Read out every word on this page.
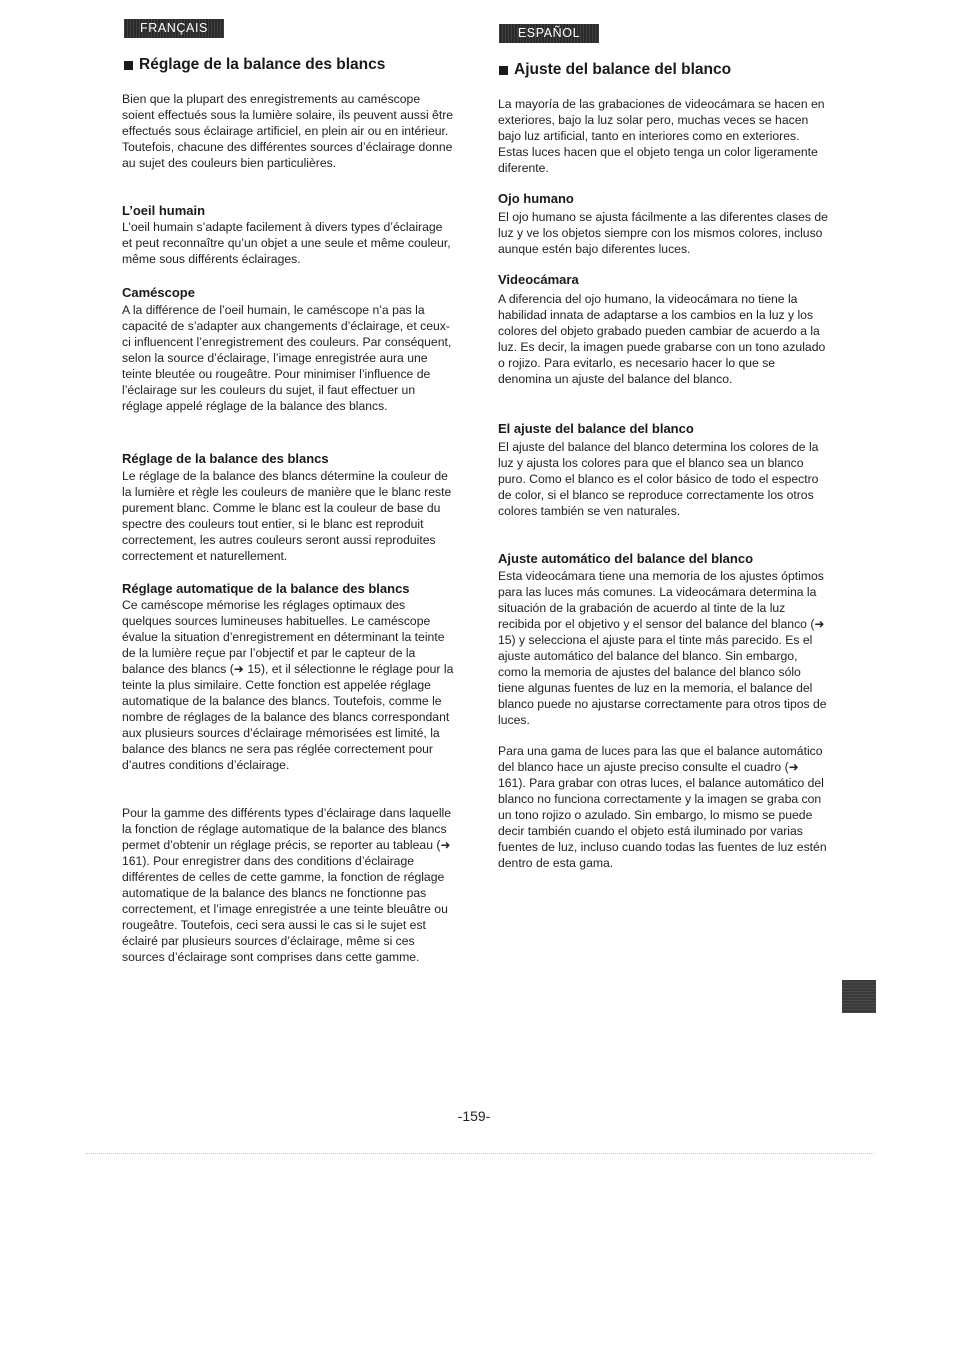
FRANÇAIS
Réglage de la balance des blancs

Bien que la plupart des enregistrements au caméscope soient effectués sous la lumière solaire, ils peuvent aussi être effectués sous éclairage artificiel, en plein air ou en intérieur. Toutefois, chacune des différentes sources d’éclairage donne au sujet des couleurs bien particulières.

L’oeil humain

L’oeil humain s’adapte facilement à divers types d’éclairage et peut reconnaître qu’un objet a une seule et même couleur, même sous différents éclairages.

Caméscope

A la différence de l’oeil humain, le caméscope n’a pas la capacité de s’adapter aux changements d’éclairage, et ceux-ci influencent l’enregistrement des couleurs. Par conséquent, selon la source d’éclairage, l’image enregistrée aura une teinte bleutée ou rougeâtre. Pour minimiser l’influence de l’éclairage sur les couleurs du sujet, il faut effectuer un réglage appelé réglage de la balance des blancs.

Réglage de la balance des blancs

Le réglage de la balance des blancs détermine la couleur de la lumière et règle les couleurs de manière que le blanc reste purement blanc. Comme le blanc est la couleur de base du spectre des couleurs tout entier, si le blanc est reproduit correctement, les autres couleurs seront aussi reproduites correctement et naturellement.

Réglage automatique de la balance des blancs

Ce caméscope mémorise les réglages optimaux des quelques sources lumineuses habituelles. Le caméscope évalue la situation d’enregistrement en déterminant la teinte de la lumière reçue par l’objectif et par le capteur de la balance des blancs (➜ 15), et il sélectionne le réglage pour la teinte la plus similaire. Cette fonction est appelée réglage automatique de la balance des blancs. Toutefois, comme le nombre de réglages de la balance des blancs correspondant aux plusieurs sources d’éclairage mémorisées est limité, la balance des blancs ne sera pas réglée correctement pour d’autres conditions d’éclairage.

Pour la gamme des différents types d’éclairage dans laquelle la fonction de réglage automatique de la balance des blancs permet d’obtenir un réglage précis, se reporter au tableau (➜ 161). Pour enregistrer dans des conditions d’éclairage différentes de celles de cette gamme, la fonction de réglage automatique de la balance des blancs ne fonctionne pas correctement, et l’image enregistrée a une teinte bleuâtre ou rougeâtre. Toutefois, ceci sera aussi le cas si le sujet est éclairé par plusieurs sources d’éclairage, même si ces sources d’éclairage sont comprises dans cette gamme.

ESPAÑOL
Ajuste del balance del blanco

La mayoría de las grabaciones de videocámara se hacen en exteriores, bajo la luz solar pero, muchas veces se hacen bajo luz artificial, tanto en interiores como en exteriores. Estas luces hacen que el objeto tenga un color ligeramente diferente.

Ojo humano

El ojo humano se ajusta fácilmente a las diferentes clases de luz y ve los objetos siempre con los mismos colores, incluso aunque estén bajo diferentes luces.

Videocámara

A diferencia del ojo humano, la videocámara no tiene la habilidad innata de adaptarse a los cambios en la luz y los colores del objeto grabado pueden cambiar de acuerdo a la luz. Es decir, la imagen puede grabarse con un tono azulado o rojizo. Para evitarlo, es necesario hacer lo que se denomina un ajuste del balance del blanco.

El ajuste del balance del blanco

El ajuste del balance del blanco determina los colores de la luz y ajusta los colores para que el blanco sea un blanco puro. Como el blanco es el color básico de todo el espectro de color, si el blanco se reproduce correctamente los otros colores también se ven naturales.

Ajuste automático del balance del blanco

Esta videocámara tiene una memoria de los ajustes óptimos para las luces más comunes. La videocámara determina la situación de la grabación de acuerdo al tinte de la luz recibida por el objetivo y el sensor del balance del blanco (➜ 15) y selecciona el ajuste para el tinte más parecido. Es el ajuste automático del balance del blanco. Sin embargo, como la memoria de ajustes del balance del blanco sólo tiene algunas fuentes de luz en la memoria, el balance del blanco puede no ajustarse correctamente para otros tipos de luces.

Para una gama de luces para las que el balance automático del blanco hace un ajuste preciso consulte el cuadro (➜ 161). Para grabar con otras luces, el balance automático del blanco no funciona correctamente y la imagen se graba con un tono rojizo o azulado. Sin embargo, lo mismo se puede decir también cuando el objeto está iluminado por varias fuentes de luz, incluso cuando todas las fuentes de luz estén dentro de esta gama.

-159-
